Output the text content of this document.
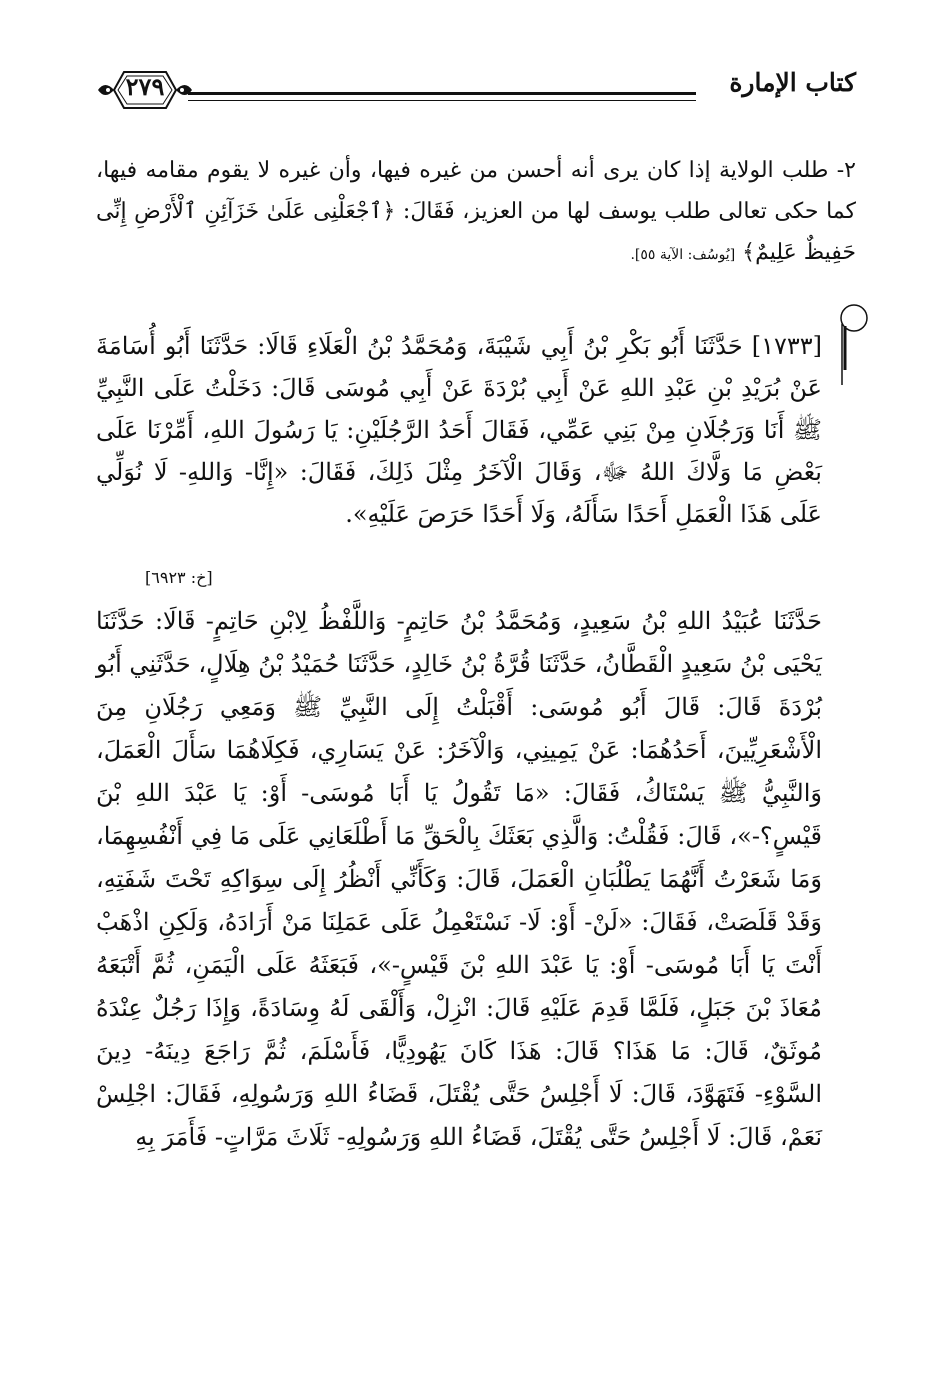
كتاب الإمارة
٢٧٩
٢- طلب الولاية إذا كان يرى أنه أحسن من غيره فيها، وأن غيره لا يقوم مقامه فيها، كما حكى تعالى طلب يوسف لها من العزيز، فَقَالَ: ﴿ٱجْعَلْنِى عَلَىٰ خَزَآئِنِ ٱلْأَرْضِ إِنِّى حَفِيظٌ عَلِيمٌ﴾ [يُوسُف: الآية ٥٥].
[١٧٣٣] حَدَّثَنَا أَبُو بَكْرِ بْنُ أَبِي شَيْبَةَ، وَمُحَمَّدُ بْنُ الْعَلَاءِ قَالَا: حَدَّثَنَا أَبُو أُسَامَةَ عَنْ بُرَيْدِ بْنِ عَبْدِ اللهِ عَنْ أَبِي بُرْدَةَ عَنْ أَبِي مُوسَى قَالَ: دَخَلْتُ عَلَى النَّبِيِّ ﷺ أَنَا وَرَجُلَانِ مِنْ بَنِي عَمِّي، فَقَالَ أَحَدُ الرَّجُلَيْنِ: يَا رَسُولَ اللهِ، أَمِّرْنَا عَلَى بَعْضِ مَا وَلَّاكَ اللهُ ﷻ، وَقَالَ الْآخَرُ مِثْلَ ذَلِكَ، فَقَالَ: «إِنَّا- وَاللهِ- لَا نُوَلِّي عَلَى هَذَا الْعَمَلِ أَحَدًا سَأَلَهُ، وَلَا أَحَدًا حَرَصَ عَلَيْهِ».
[خ: ٦٩٢٣]
حَدَّثَنَا عُبَيْدُ اللهِ بْنُ سَعِيدٍ، وَمُحَمَّدُ بْنُ حَاتِمٍ- وَاللَّفْظُ لِابْنِ حَاتِمٍ- قَالَا: حَدَّثَنَا يَحْيَى بْنُ سَعِيدٍ الْقَطَّانُ، حَدَّثَنَا قُرَّةُ بْنُ خَالِدٍ، حَدَّثَنَا حُمَيْدُ بْنُ هِلَالٍ، حَدَّثَنِي أَبُو بُرْدَةَ قَالَ: قَالَ أَبُو مُوسَى: أَقْبَلْتُ إِلَى النَّبِيِّ ﷺ وَمَعِي رَجُلَانِ مِنَ الْأَشْعَرِيِّينَ، أَحَدُهُمَا: عَنْ يَمِينِي، وَالْآخَرُ: عَنْ يَسَارِي، فَكِلَاهُمَا سَأَلَ الْعَمَلَ، وَالنَّبِيُّ ﷺ يَسْتَاكُ، فَقَالَ: «مَا تَقُولُ يَا أَبَا مُوسَى- أَوْ: يَا عَبْدَ اللهِ بْنَ قَيْسٍ؟-»، قَالَ: فَقُلْتُ: وَالَّذِي بَعَثَكَ بِالْحَقِّ مَا أَطْلَعَانِي عَلَى مَا فِي أَنْفُسِهِمَا، وَمَا شَعَرْتُ أَنَّهُمَا يَطْلُبَانِ الْعَمَلَ، قَالَ: وَكَأَنِّي أَنْظُرُ إِلَى سِوَاكِهِ تَحْتَ شَفَتِهِ، وَقَدْ قَلَصَتْ، فَقَالَ: «لَنْ- أَوْ: لَا- نَسْتَعْمِلُ عَلَى عَمَلِنَا مَنْ أَرَادَهُ، وَلَكِنِ اذْهَبْ أَنْتَ يَا أَبَا مُوسَى- أَوْ: يَا عَبْدَ اللهِ بْنَ قَيْسٍ-»، فَبَعَثَهُ عَلَى الْيَمَنِ، ثُمَّ أَتْبَعَهُ مُعَاذَ بْنَ جَبَلٍ، فَلَمَّا قَدِمَ عَلَيْهِ قَالَ: انْزِلْ، وَأَلْقَى لَهُ وِسَادَةً، وَإِذَا رَجُلٌ عِنْدَهُ مُوثَقٌ، قَالَ: مَا هَذَا؟ قَالَ: هَذَا كَانَ يَهُودِيًّا، فَأَسْلَمَ، ثُمَّ رَاجَعَ دِينَهُ- دِينَ السَّوْءِ- فَتَهَوَّدَ، قَالَ: لَا أَجْلِسُ حَتَّى يُقْتَلَ، قَضَاءُ اللهِ وَرَسُولِهِ، فَقَالَ: اجْلِسْ نَعَمْ، قَالَ: لَا أَجْلِسُ حَتَّى يُقْتَلَ، قَضَاءُ اللهِ وَرَسُولِهِ- ثَلَاثَ مَرَّاتٍ- فَأَمَرَ بِهِ
